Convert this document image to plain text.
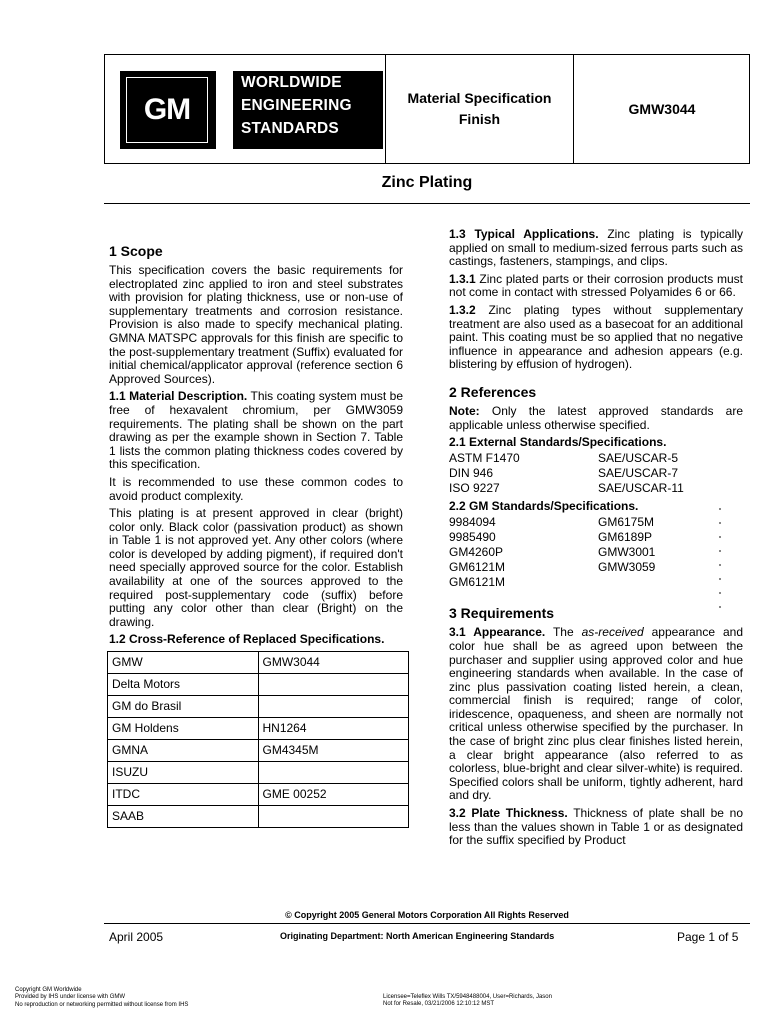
GM
WORLDWIDE
ENGINEERING
STANDARDS
Material Specification
Finish
GMW3044
Zinc Plating
1 Scope

This specification covers the basic requirements for electroplated zinc applied to iron and steel substrates with provision for plating thickness, use or non-use of supplementary treatments and corrosion resistance. Provision is also made to specify mechanical plating. GMNA MATSPC approvals for this finish are specific to the post-supplementary treatment (Suffix) evaluated for initial chemical/applicator approval (reference section 6 Approved Sources).

1.1 Material Description. This coating system must be free of hexavalent chromium, per GMW3059 requirements. The plating shall be shown on the part drawing as per the example shown in Section 7. Table 1 lists the common plating thickness codes covered by this specification.

It is recommended to use these common codes to avoid product complexity.

This plating is at present approved in clear (bright) color only. Black color (passivation product) as shown in Table 1 is not approved yet. Any other colors (where color is developed by adding pigment), if required don't need specially approved source for the color. Establish availability at one of the sources approved to the required post-supplementary code (suffix) before putting any color other than clear (Bright) on the drawing.

1.2 Cross-Reference of Replaced Specifications.

GMW	GMW3044
Delta Motors	
GM do Brasil	
GM Holdens	HN1264
GMNA	GM4345M
ISUZU	
ITDC	GME 00252
SAAB	

1.3 Typical Applications. Zinc plating is typically applied on small to medium-sized ferrous parts such as castings, fasteners, stampings, and clips.

1.3.1 Zinc plated parts or their corrosion products must not come in contact with stressed Polyamides 6 or 66.

1.3.2 Zinc plating types without supplementary treatment are also used as a basecoat for an additional paint. This coating must be so applied that no negative influence in appearance and adhesion appears (e.g. blistering by effusion of hydrogen).

2 References

Note: Only the latest approved standards are applicable unless otherwise specified.

2.1 External Standards/Specifications.

ASTM F1470	SAE/USCAR-5
DIN 946	SAE/USCAR-7
ISO 9227	SAE/USCAR-11

2.2 GM Standards/Specifications.

9984094	GM6175M
9985490	GM6189P
GM4260P	GMW3001
GM6121M	GMW3059
GM6121M	
3 Requirements

3.1 Appearance. The as-received appearance and color hue shall be as agreed upon between the purchaser and supplier using approved color and hue engineering standards when available. In the case of zinc plus passivation coating listed herein, a clean, commercial finish is required; range of color, iridescence, opaqueness, and sheen are normally not critical unless otherwise specified by the purchaser. In the case of bright zinc plus clear finishes listed herein, a clear bright appearance (also referred to as colorless, blue-bright and clear silver-white) is required. Specified colors shall be uniform, tightly adherent, hard and dry.

3.2 Plate Thickness. Thickness of plate shall be no less than the values shown in Table 1 or as designated for the suffix specified by Product

© Copyright 2005 General Motors Corporation All Rights Reserved
April 2005	Originating Department: North American Engineering Standards	Page 1 of 5
Copyright GM Worldwide
Provided by IHS under license with GMW
No reproduction or networking permitted without license from IHS
Licensee=Teleflex Wills TX/5948488004, User=Richards, Jason
Not for Resale, 03/21/2006 12:10:12 MST
